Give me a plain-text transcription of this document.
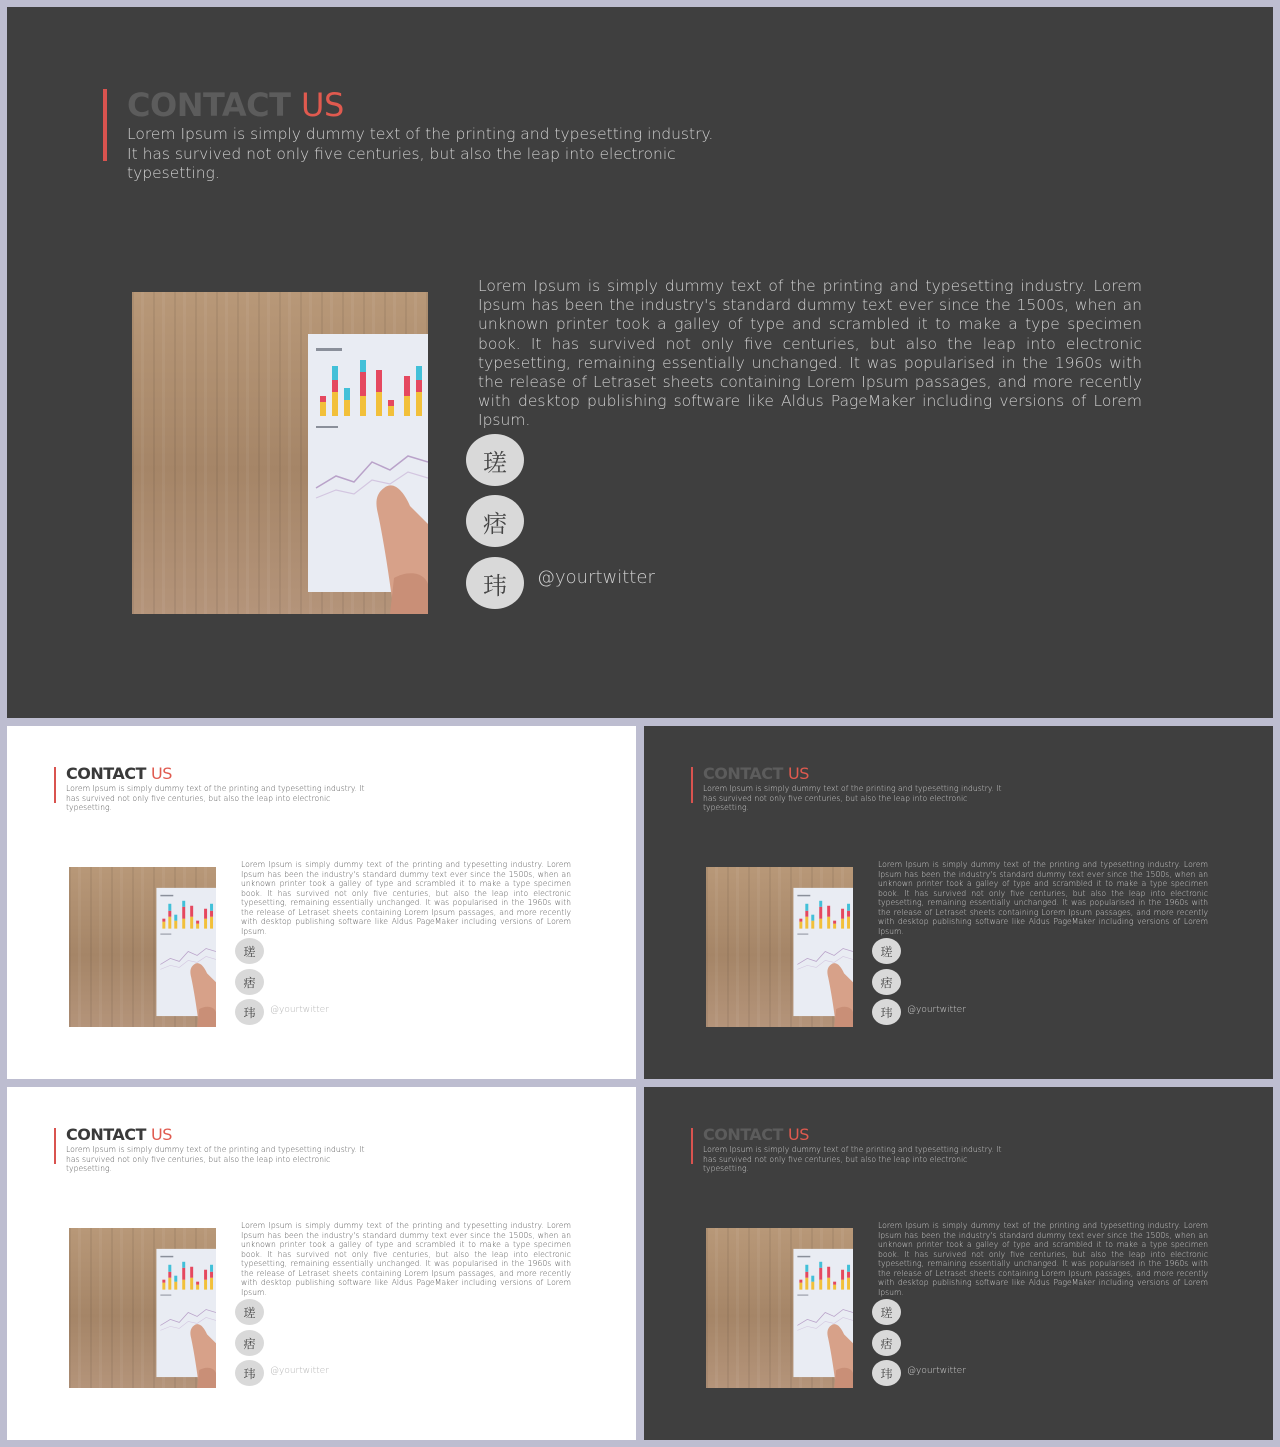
CONTACT US
Lorem Ipsum is simply dummy text of the printing and typesetting industry. It has survived not only five centuries, but also the leap into electronic typesetting.
Lorem Ipsum is simply dummy text of the printing and typesetting industry. Lorem Ipsum has been the industry's standard dummy text ever since the 1500s, when an unknown printer took a galley of type and scrambled it to make a type specimen book. It has survived not only five centuries, but also the leap into electronic typesetting, remaining essentially unchanged. It was popularised in the 1960s with the release of Letraset sheets containing Lorem Ipsum passages, and more recently with desktop publishing software like Aldus PageMaker including versions of Lorem Ipsum.
瑳
痞
玮	@yourtwitter
CONTACT US
Lorem Ipsum is simply dummy text of the printing and typesetting industry. It has survived not only five centuries, but also the leap into electronic typesetting.
Lorem Ipsum is simply dummy text of the printing and typesetting industry. Lorem Ipsum has been the industry's standard dummy text ever since the 1500s, when an unknown printer took a galley of type and scrambled it to make a type specimen book. It has survived not only five centuries, but also the leap into electronic typesetting, remaining essentially unchanged. It was popularised in the 1960s with the release of Letraset sheets containing Lorem Ipsum passages, and more recently with desktop publishing software like Aldus PageMaker including versions of Lorem Ipsum.
瑳
痞
玮	@yourtwitter
CONTACT US
Lorem Ipsum is simply dummy text of the printing and typesetting industry. It has survived not only five centuries, but also the leap into electronic typesetting.
Lorem Ipsum is simply dummy text of the printing and typesetting industry. Lorem Ipsum has been the industry's standard dummy text ever since the 1500s, when an unknown printer took a galley of type and scrambled it to make a type specimen book. It has survived not only five centuries, but also the leap into electronic typesetting, remaining essentially unchanged. It was popularised in the 1960s with the release of Letraset sheets containing Lorem Ipsum passages, and more recently with desktop publishing software like Aldus PageMaker including versions of Lorem Ipsum.
瑳
痞
玮	@yourtwitter
CONTACT US
Lorem Ipsum is simply dummy text of the printing and typesetting industry. It has survived not only five centuries, but also the leap into electronic typesetting.
Lorem Ipsum is simply dummy text of the printing and typesetting industry. Lorem Ipsum has been the industry's standard dummy text ever since the 1500s, when an unknown printer took a galley of type and scrambled it to make a type specimen book. It has survived not only five centuries, but also the leap into electronic typesetting, remaining essentially unchanged. It was popularised in the 1960s with the release of Letraset sheets containing Lorem Ipsum passages, and more recently with desktop publishing software like Aldus PageMaker including versions of Lorem Ipsum.
瑳
痞
玮	@yourtwitter
CONTACT US
Lorem Ipsum is simply dummy text of the printing and typesetting industry. It has survived not only five centuries, but also the leap into electronic typesetting.
Lorem Ipsum is simply dummy text of the printing and typesetting industry. Lorem Ipsum has been the industry's standard dummy text ever since the 1500s, when an unknown printer took a galley of type and scrambled it to make a type specimen book. It has survived not only five centuries, but also the leap into electronic typesetting, remaining essentially unchanged. It was popularised in the 1960s with the release of Letraset sheets containing Lorem Ipsum passages, and more recently with desktop publishing software like Aldus PageMaker including versions of Lorem Ipsum.
瑳
痞
玮	@yourtwitter
